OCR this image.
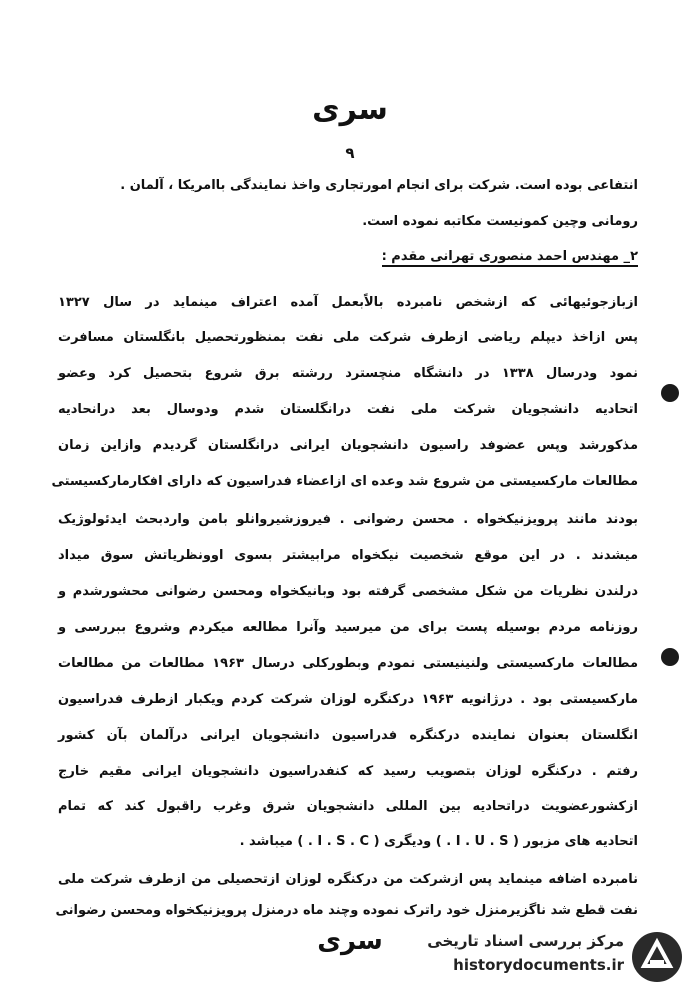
سری
۹
انتفاعی بوده است. شرکت برای انجام امورتجاری واخذ نمایندگی باامریکا ، آلمان .
رومانی وچین کمونیست مکاتبه نموده است.
۲_ مهندس احمد منصوری تهرانی مقدم :
ازبازجوئیهائی که ازشخص نامبرده بالاًبعمل آمده اعتراف مینماید در سال ۱۳۲۷
پس ازاخذ دیپلم ریاضی ازطرف شرکت ملی نفت بمنظورتحصیل بانگلستان مسافرت
نمود ودرسال ۱۳۳۸ در دانشگاه منچسترد ررشته برق شروع بتحصیل کرد وعضو
اتحادیه دانشجویان شرکت ملی نفت درانگلستان شدم ودوسال بعد درانحادیه
مذکورشد وپس عضوفد راسیون دانشجویان ایرانی درانگلستان گردیدم وازاین زمان
مطالعات مارکسیستی من شروع شد وعده ای ازاعضاء فدراسیون که دارای افکارمارکسیستی
بودند مانند پرویزنیکخواه . محسن رضوانی . فیروزشیروانلو بامن واردبحث ایدئولوژیک
میشدند . در این موقع شخصیت نیکخواه مرابیشتر بسوی اوونظریاتش سوق میداد
درلندن نظریات من شکل مشخصی گرفته بود وبانیکخواه ومحسن رضوانی محشورشدم و
روزنامه مردم بوسیله پست برای من میرسید وآنرا مطالعه میکردم وشروع ببررسی و
مطالعات مارکسیستی ولنینیستی نمودم وبطورکلی درسال ۱۹۶۳ مطالعات من مطالعات
مارکسیستی بود . درژانویه ۱۹۶۳ درکنگره لوزان شرکت کردم ویکبار ازطرف فدراسیون
انگلستان بعنوان نماینده درکنگره فدراسیون دانشجویان ایرانی درآلمان بآن کشور
رفتم . درکنگره لوزان بتصویب رسید که کنفدراسیون دانشجویان ایرانی مقیم خارج
ازکشورعضویت دراتحادیه بین المللی دانشجویان شرق وغرب راقبول کند که تمام
اتحادیه های مزبور ( I . U . S . ) ودیگری ( I . S . C . ) میباشد .
نامبرده اضافه مینماید پس ازشرکت من درکنگره لوزان ازتحصیلی من ازطرف شرکت ملی
نفت قطع شد ناگزیرمنزل خود راترک نموده وچند ماه درمنزل پرویزنیکخواه ومحسن رضوانی
سری	مرکز بررسی اسناد تاریخی
historydocuments.ir
